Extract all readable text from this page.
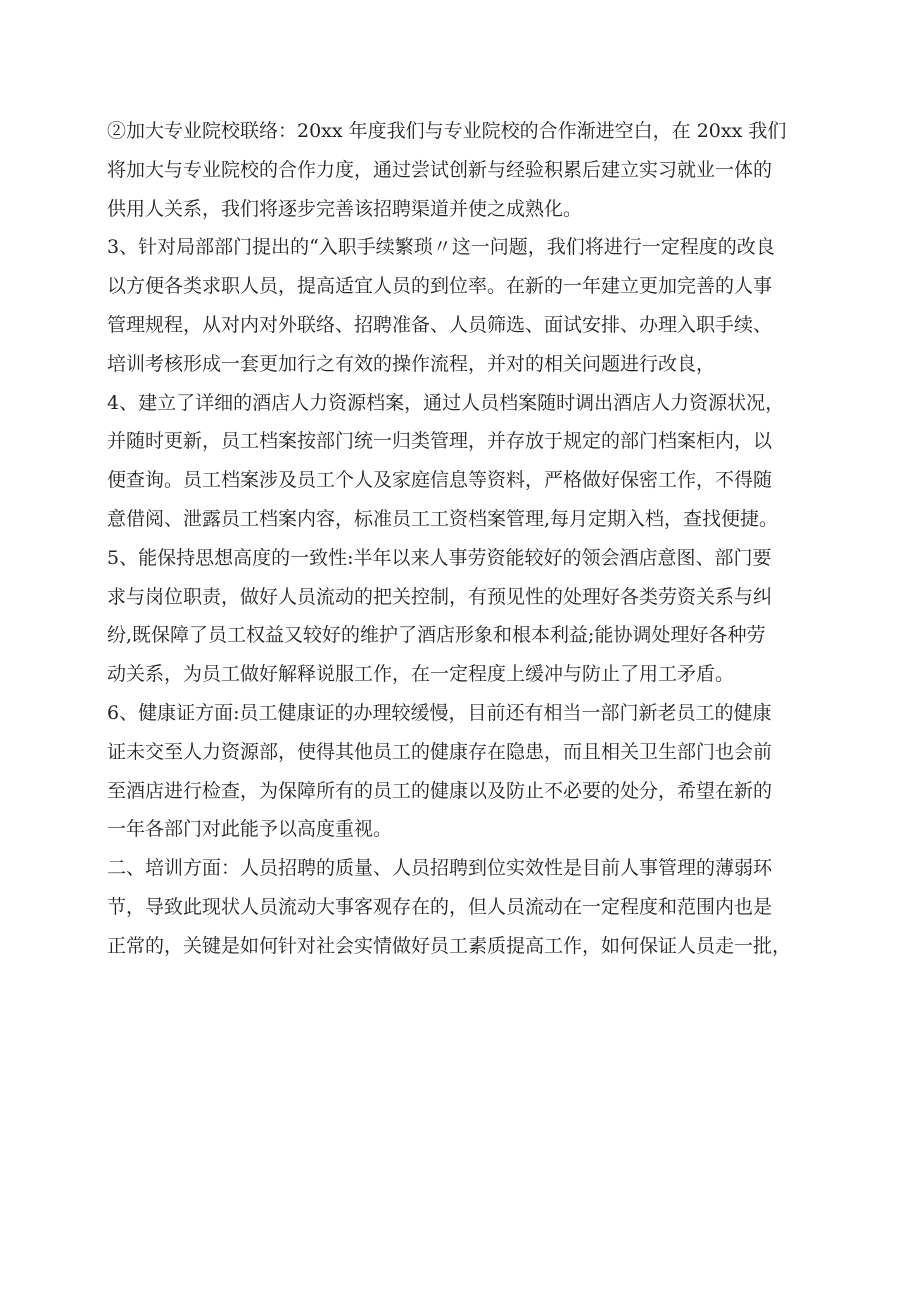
②加大专业院校联络：20xx 年度我们与专业院校的合作渐进空白，在 20xx 我们
将加大与专业院校的合作力度，通过尝试创新与经验积累后建立实习就业一体的
供用人关系，我们将逐步完善该招聘渠道并使之成熟化。
3、针对局部部门提出的“入职手续繁琐〃这一问题，我们将进行一定程度的改良
以方便各类求职人员，提高适宜人员的到位率。在新的一年建立更加完善的人事
管理规程，从对内对外联络、招聘准备、人员筛选、面试安排、办理入职手续、
培训考核形成一套更加行之有效的操作流程，并对的相关问题进行改良，
4、建立了详细的酒店人力资源档案，通过人员档案随时调出酒店人力资源状况，
并随时更新，员工档案按部门统一归类管理，并存放于规定的部门档案柜内，以
便查询。员工档案涉及员工个人及家庭信息等资料，严格做好保密工作，不得随
意借阅、泄露员工档案内容，标准员工工资档案管理,每月定期入档，查找便捷。
5、能保持思想高度的一致性:半年以来人事劳资能较好的领会酒店意图、部门要
求与岗位职责，做好人员流动的把关控制，有预见性的处理好各类劳资关系与纠
纷,既保障了员工权益又较好的维护了酒店形象和根本利益;能协调处理好各种劳
动关系，为员工做好解释说服工作，在一定程度上缓冲与防止了用工矛盾。
6、健康证方面:员工健康证的办理较缓慢，目前还有相当一部门新老员工的健康
证未交至人力资源部，使得其他员工的健康存在隐患，而且相关卫生部门也会前
至酒店进行检查，为保障所有的员工的健康以及防止不必要的处分，希望在新的
一年各部门对此能予以高度重视。
二、培训方面：人员招聘的质量、人员招聘到位实效性是目前人事管理的薄弱环
节，导致此现状人员流动大事客观存在的，但人员流动在一定程度和范围内也是
正常的，关键是如何针对社会实情做好员工素质提高工作，如何保证人员走一批，
